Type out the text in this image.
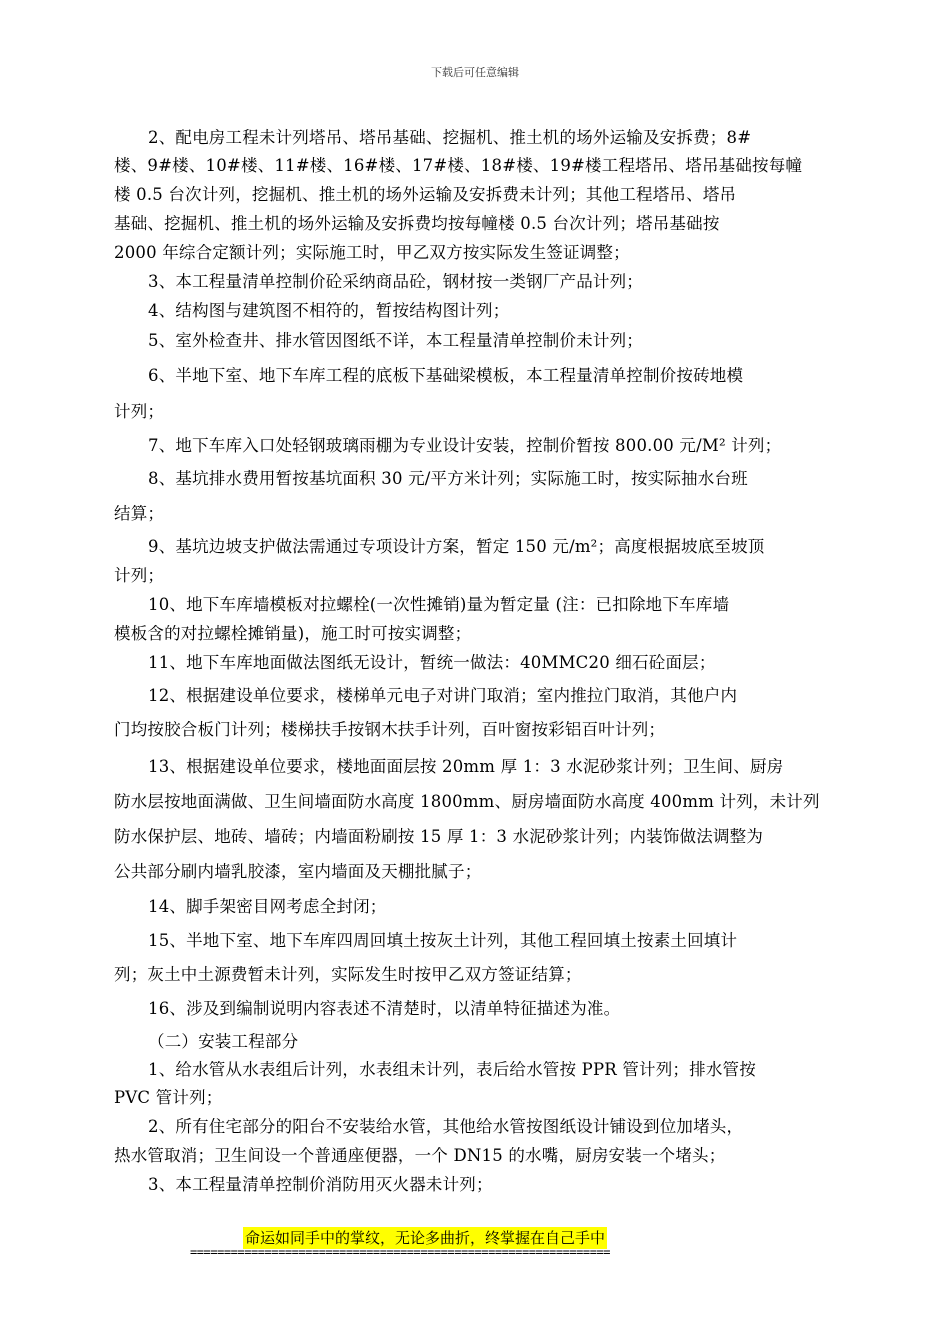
下载后可任意编辑
2、配电房工程未计列塔吊、塔吊基础、挖掘机、推土机的场外运输及安拆费；8#
楼、9#楼、10#楼、11#楼、16#楼、17#楼、18#楼、19#楼工程塔吊、塔吊基础按每幢
楼 0.5 台次计列，挖掘机、推土机的场外运输及安拆费未计列；其他工程塔吊、塔吊
基础、挖掘机、推土机的场外运输及安拆费均按每幢楼 0.5 台次计列；塔吊基础按
2000 年综合定额计列；实际施工时，甲乙双方按实际发生签证调整；
3、本工程量清单控制价砼采纳商品砼，钢材按一类钢厂产品计列；
4、结构图与建筑图不相符的，暂按结构图计列；
5、室外检查井、排水管因图纸不详，本工程量清单控制价未计列；
6、半地下室、地下车库工程的底板下基础梁模板，本工程量清单控制价按砖地模
计列；
7、地下车库入口处轻钢玻璃雨棚为专业设计安装，控制价暂按 800.00 元/M² 计列；
8、基坑排水费用暂按基坑面积 30 元/平方米计列；实际施工时，按实际抽水台班
结算；
9、基坑边坡支护做法需通过专项设计方案，暂定 150 元/m²；高度根据坡底至坡顶
计列；
10、地下车库墙模板对拉螺栓(一次性摊销)量为暂定量 (注：已扣除地下车库墙
模板含的对拉螺栓摊销量)，施工时可按实调整；
11、地下车库地面做法图纸无设计，暂统一做法：40MMC20 细石砼面层；
12、根据建设单位要求，楼梯单元电子对讲门取消；室内推拉门取消，其他户内
门均按胶合板门计列；楼梯扶手按钢木扶手计列，百叶窗按彩铝百叶计列；
13、根据建设单位要求，楼地面面层按 20mm 厚 1：3 水泥砂浆计列；卫生间、厨房
防水层按地面满做、卫生间墙面防水高度 1800mm、厨房墙面防水高度 400mm 计列，未计列
防水保护层、地砖、墙砖；内墙面粉刷按 15 厚 1：3 水泥砂浆计列；内装饰做法调整为
公共部分刷内墙乳胶漆，室内墙面及天棚批腻子；
14、脚手架密目网考虑全封闭；
15、半地下室、地下车库四周回填土按灰土计列，其他工程回填土按素土回填计
列；灰土中土源费暂未计列，实际发生时按甲乙双方签证结算；
16、涉及到编制说明内容表述不清楚时，以清单特征描述为准。
（二）安装工程部分
1、给水管从水表组后计列，水表组未计列，表后给水管按 PPR 管计列；排水管按
PVC 管计列；
2、所有住宅部分的阳台不安装给水管，其他给水管按图纸设计铺设到位加堵头，
热水管取消；卫生间设一个普通座便器，一个 DN15 的水嘴，厨房安装一个堵头；
3、本工程量清单控制价消防用灭火器未计列；
命运如同手中的掌纹，无论多曲折，终掌握在自己手中
==============================================================
